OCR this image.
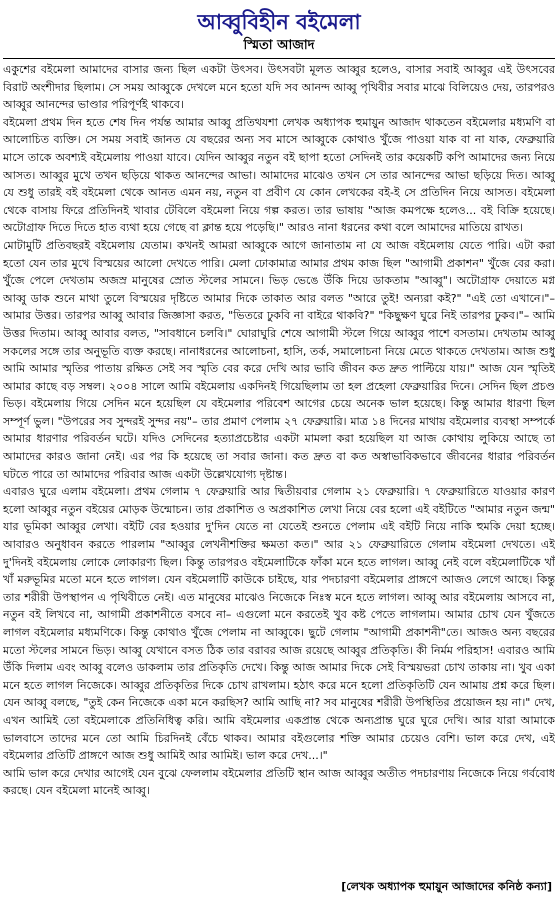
আব্বুবিহীন বইমেলা
স্মিতা আজাদ

একুশের বইমেলা আমাদের বাসার জন্য ছিল একটা উৎসব। উৎসবটা মূলত আব্বুর হলেও, বাসার সবাই আব্বুর এই উৎসবের বিরাট অংশীদার ছিলাম। সে সময় আব্বুকে দেখলে মনে হতো যদি সব আনন্দ আব্বু পৃথিবীর সবার মাঝে বিলিয়েও দেয়, তারপরও আব্বুর আনন্দের ভাণ্ডার পরিপূর্ণই থাকবে।

বইমেলা প্রথম দিন হতে শেষ দিন পর্যন্ত আমার আব্বু প্রতিথযশা লেখক অধ্যাপক হুমায়ুন আজাদ থাকতেন বইমেলার মধ্যমণি বা আলোচিত ব্যক্তি। সে সময় সবাই জানত যে বছরের অন্য সব মাসে আব্বুকে কোথাও খুঁজে পাওয়া যাক বা না যাক, ফেব্রুয়ারি মাসে তাকে অবশ্যই বইমেলায় পাওয়া যাবে। যেদিন আব্বুর নতুন বই ছাপা হতো সেদিনই তার কয়েকটি কপি আমাদের জন্য নিয়ে আসত। আব্বুর মুখে তখন ছড়িয়ে থাকত আনন্দের আভা। আমাদের মাঝেও তখন সে তার আনন্দের আভা ছড়িয়ে দিত। আব্বু যে শুধু তারই বই বইমেলা থেকে আনত এমন নয়, নতুন বা প্রবীণ যে কোন লেখকের বই-ই সে প্রতিদিন নিয়ে আসত। বইমেলা থেকে বাসায় ফিরে প্রতিদিনই খাবার টেবিলে বইমেলা নিয়ে গল্প করত। তার ভাষায় "আজ কমপক্ষে হলেও... বই বিক্রি হয়েছে। অটোগ্রাফ দিতে দিতে হাত ব্যথা হয়ে গেছে বা ক্লান্ত হয়ে পড়েছি।" আরও নানা ধরনের কথা বলে আমাদের মাতিয়ে রাখত।

মোটামুটি প্রতিবছরই বইমেলায় যেতাম। কখনই আমরা আব্বুকে আগে জানাতাম না যে আজ বইমেলায় যেতে পারি। এটা করা হতো যেন তার মুখে বিস্ময়ের আলো দেখতে পারি। মেলা ঢোকামাত্র আমার প্রথম কাজ ছিল "আগামী প্রকাশন" খুঁজে বের করা। খুঁজে পেলে দেখতাম অজস্র মানুষের স্রোত স্টলের সামনে। ভিড় ভেঙে উঁকি দিয়ে ডাকতাম "আব্বু"। অটোগ্রাফ দেয়াতে মগ্ন আব্বু ডাক শুনে মাথা তুলে বিস্ময়ের দৃষ্টিতে আমার দিকে তাকাত আর বলত "আরে তুই! অন্যরা কই?" "এই তো এখানে।"– আমার উত্তর। তারপর আব্বু আবার জিজ্ঞাসা করত, "ভিতরে ঢুকবি না বাইরে থাকবি?" "কিছুক্ষণ ঘুরে নিই তারপর ঢুকব।"– আমি উত্তর দিতাম। আব্বু আবার বলত, "সাবধানে চলবি।" ঘোরাঘুরি শেষে আগামী স্টলে গিয়ে আব্বুর পাশে বসতাম। দেখতাম আব্বু সকলের সঙ্গে তার অনুভূতি ব্যক্ত করছে। নানাধরনের আলোচনা, হাসি, তর্ক, সমালোচনা নিয়ে মেতে থাকতে দেখতাম। আজ শুধু আমি আমার স্মৃতির পাতায় রক্ষিত সেই সব স্মৃতি বের করে দেখি আর ভাবি জীবন কত দ্রুত পাল্টিয়ে যায়।" আজ যেন স্মৃতিই আমার কাছে বড় সম্বল। ২০০৪ সালে আমি বইমেলায় একদিনই গিয়েছিলাম তা হল প্রহেলা ফেব্রুয়ারির দিনে। সেদিন ছিল প্রচণ্ড ভিড়। বইমেলায় গিয়ে সেদিন মনে হয়েছিল যে বইমেলার পরিবেশ আগের চেয়ে অনেক ভাল হয়েছে। কিন্তু আমার ধারণা ছিল সম্পূর্ণ ভুল। "উপরের সব সুন্দরই সুন্দর নয়"– তার প্রমাণ পেলাম ২৭ ফেব্রুয়ারি। মাত্র ১৪ দিনের মাথায় বইমেলার ব্যবস্থা সম্পর্কে আমার ধারণার পরিবর্তন ঘটে। যদিও সেদিনের হত্যাপ্রচেষ্টার একটা মামলা করা হয়েছিল যা আজ কোথায় লুকিয়ে আছে তা আমাদের কারও জানা নেই। এর পর কি হয়েছে তা সবার জানা। কত দ্রুত বা কত অস্বাভাবিকভাবে জীবনের ধারার পরিবর্তন ঘটতে পারে তা আমাদের পরিবার আজ একটা উল্লেখযোগ্য দৃষ্টান্ত।

এবারও ঘুরে এলাম বইমেলা। প্রথম গেলাম ৭ ফেব্রুয়ারি আর দ্বিতীয়বার গেলাম ২১ ফেব্রুয়ারি। ৭ ফেব্রুয়ারিতে যাওয়ার কারণ হলো আব্বুর নতুন বইয়ের মোড়ক উন্মোচন। তার প্রকাশিত ও অপ্রকাশিত লেখা নিয়ে বের হলো এই বইটিতে "আমার নতুন জন্ম" যার ভূমিকা আব্বুর লেখা। বইটি বের হওয়ার দু'দিন যেতে না যেতেই শুনতে পেলাম এই বইটি নিয়ে নাকি হুমকি দেয়া হচ্ছে। আবারও অনুধাবন করতে পারলাম "আব্বুর লেখনীশক্তির ক্ষমতা কত।" আর ২১ ফেব্রুয়ারিতে গেলাম বইমেলা দেখতে। এই দু'দিনই বইমেলায় লোকে লোকারণ্য ছিল। কিন্তু তারপরও বইমেলাটিকে ফাঁকা মনে হতে লাগল। আব্বু নেই বলে বইমেলাটিকে খাঁ খাঁ মরুভূমির মতো মনে হতে লাগল। যেন বইমেলাটি কাউকে চাইছে, যার পদচারণা বইমেলার প্রাঙ্গণে আজও লেগে আছে। কিন্তু তার শরীরী উপস্থাপন এ পৃথিবীতে নেই। এত মানুষের মাঝেও নিজেকে নিঃস্ব মনে হতে লাগল। আব্বু আর বইমেলায় আসবে না, নতুন বই লিখবে না, আগামী প্রকাশনীতে বসবে না– এগুলো মনে করতেই খুব কষ্ট পেতে লাগলাম। আমার চোখ যেন খুঁজতে লাগল বইমেলার মধ্যমণিকে। কিন্তু কোথাও খুঁজে পেলাম না আব্বুকে। ছুটে গেলাম "আগামী প্রকাশনী"তে। আজও অন্য বছরের মতো স্টলের সামনে ভিড়। আব্বু যেখানে বসত ঠিক তার বরাবর আজ রয়েছে আব্বুর প্রতিকৃতি। কী নির্মম পরিহাস! এবারও আমি উঁকি দিলাম এবং আব্বু বলেও ডাকলাম তার প্রতিকৃতি দেখে। কিন্তু আজ আমার দিকে সেই বিস্ময়ভরা চোখ তাকায় না। খুব একা মনে হতে লাগল নিজেকে। আব্বুর প্রতিকৃতির দিকে চোখ রাখলাম। হঠাৎ করে মনে হলো প্রতিকৃতিটি যেন আমায় প্রশ্ন করে ছিল। যেন আব্বু বলছে, "তুই কেন নিজেকে একা মনে করছিস? আমি আছি না? সব মানুষের শরীরী উপস্থিতির প্রয়োজন হয় না।" দেখ, এখন আমিই তো বইমেলাকে প্রতিনিধিত্ব করি। আমি বইমেলার একপ্রান্ত থেকে অন্যপ্রান্ত ঘুরে ঘুরে দেখি। আর যারা আমাকে ভালবাসে তাদের মনে তো আমি চিরদিনই বেঁচে থাকব। আমার বইগুলোর শক্তি আমার চেয়েও বেশি। ভাল করে দেখ, এই বইমেলার প্রতিটি প্রাঙ্গণে আজ শুধু আমিই আর আমিই। ভাল করে দেখ...।"

আমি ভাল করে দেখার আগেই যেন বুঝে ফেললাম বইমেলার প্রতিটি স্থান আজ আব্বুর অতীত পদচারণায় নিজেকে নিয়ে গর্ববোধ করছে। যেন বইমেলা মানেই আব্বু।

[লেখক অধ্যাপক হুমায়ুন আজাদের কনিষ্ঠ কন্যা]
